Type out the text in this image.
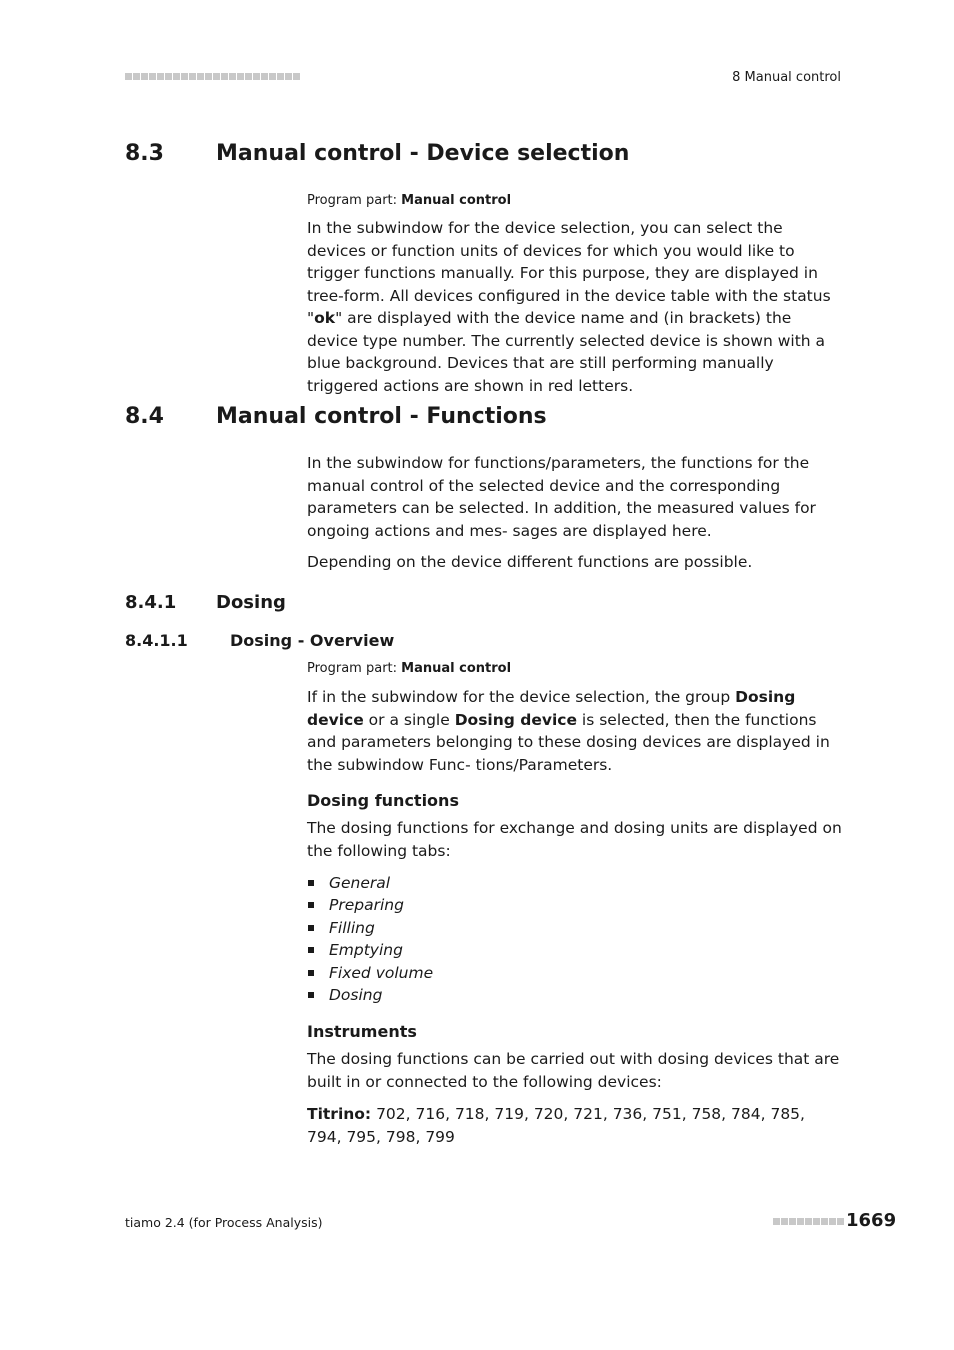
8 Manual control
8.3 Manual control - Device selection
Program part: Manual control

In the subwindow for the device selection, you can select the devices or function units of devices for which you would like to trigger functions manually. For this purpose, they are displayed in tree-form. All devices configured in the device table with the status "ok" are displayed with the device name and (in brackets) the device type number. The currently selected device is shown with a blue background. Devices that are still performing manually triggered actions are shown in red letters.

8.4 Manual control - Functions

In the subwindow for functions/parameters, the functions for the manual control of the selected device and the corresponding parameters can be selected. In addition, the measured values for ongoing actions and mes- sages are displayed here.

Depending on the device different functions are possible.

8.4.1 Dosing
8.4.1.1	Dosing - Overview
Program part: Manual control

If in the subwindow for the device selection, the group Dosing device or a single Dosing device is selected, then the functions and parameters belonging to these dosing devices are displayed in the subwindow Func- tions/Parameters.

Dosing functions

The dosing functions for exchange and dosing units are displayed on the following tabs:

General
Preparing
Filling
Emptying
Fixed volume
Dosing
Instruments

The dosing functions can be carried out with dosing devices that are built in or connected to the following devices:

Titrino: 702, 716, 718, 719, 720, 721, 736, 751, 758, 784, 785, 794, 795, 798, 799

tiamo 2.4 (for Process Analysis)	1669
